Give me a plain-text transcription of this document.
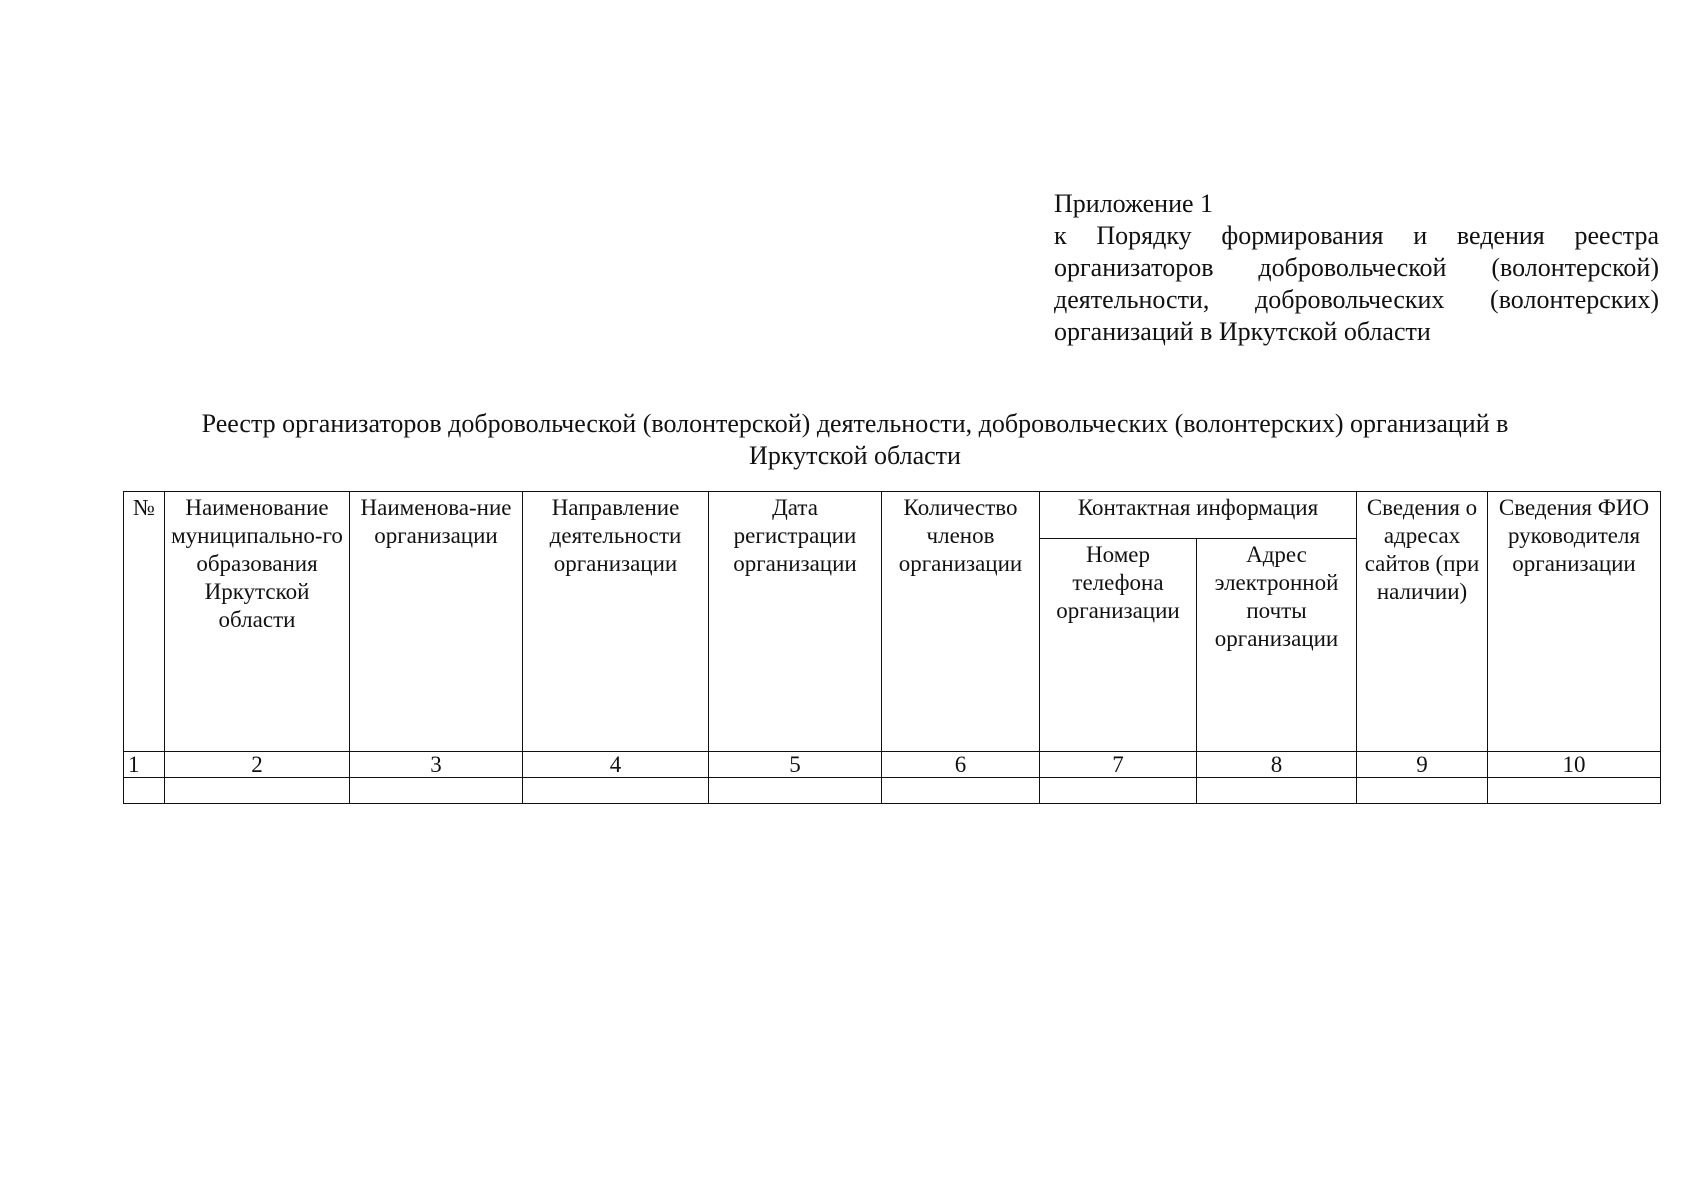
Приложение 1
к Порядку формирования и ведения реестра организаторов добровольческой (волонтерской) деятельности, добровольческих (волонтерских) организаций в Иркутской области
Реестр организаторов добровольческой (волонтерской) деятельности, добровольческих (волонтерских) организаций в
Иркутской области
№	Наименование муниципально-го образования Иркутской области	Наименова-ние организации	Направление деятельности организации	Дата регистрации организации	Количество членов организации	Контактная информация		Сведения о адресах сайтов (при наличии)	Сведения ФИО руководителя организации
						Номер телефона организации	Адрес электронной почты организации		
1	2	3	4	5	6	7	8	9	10
